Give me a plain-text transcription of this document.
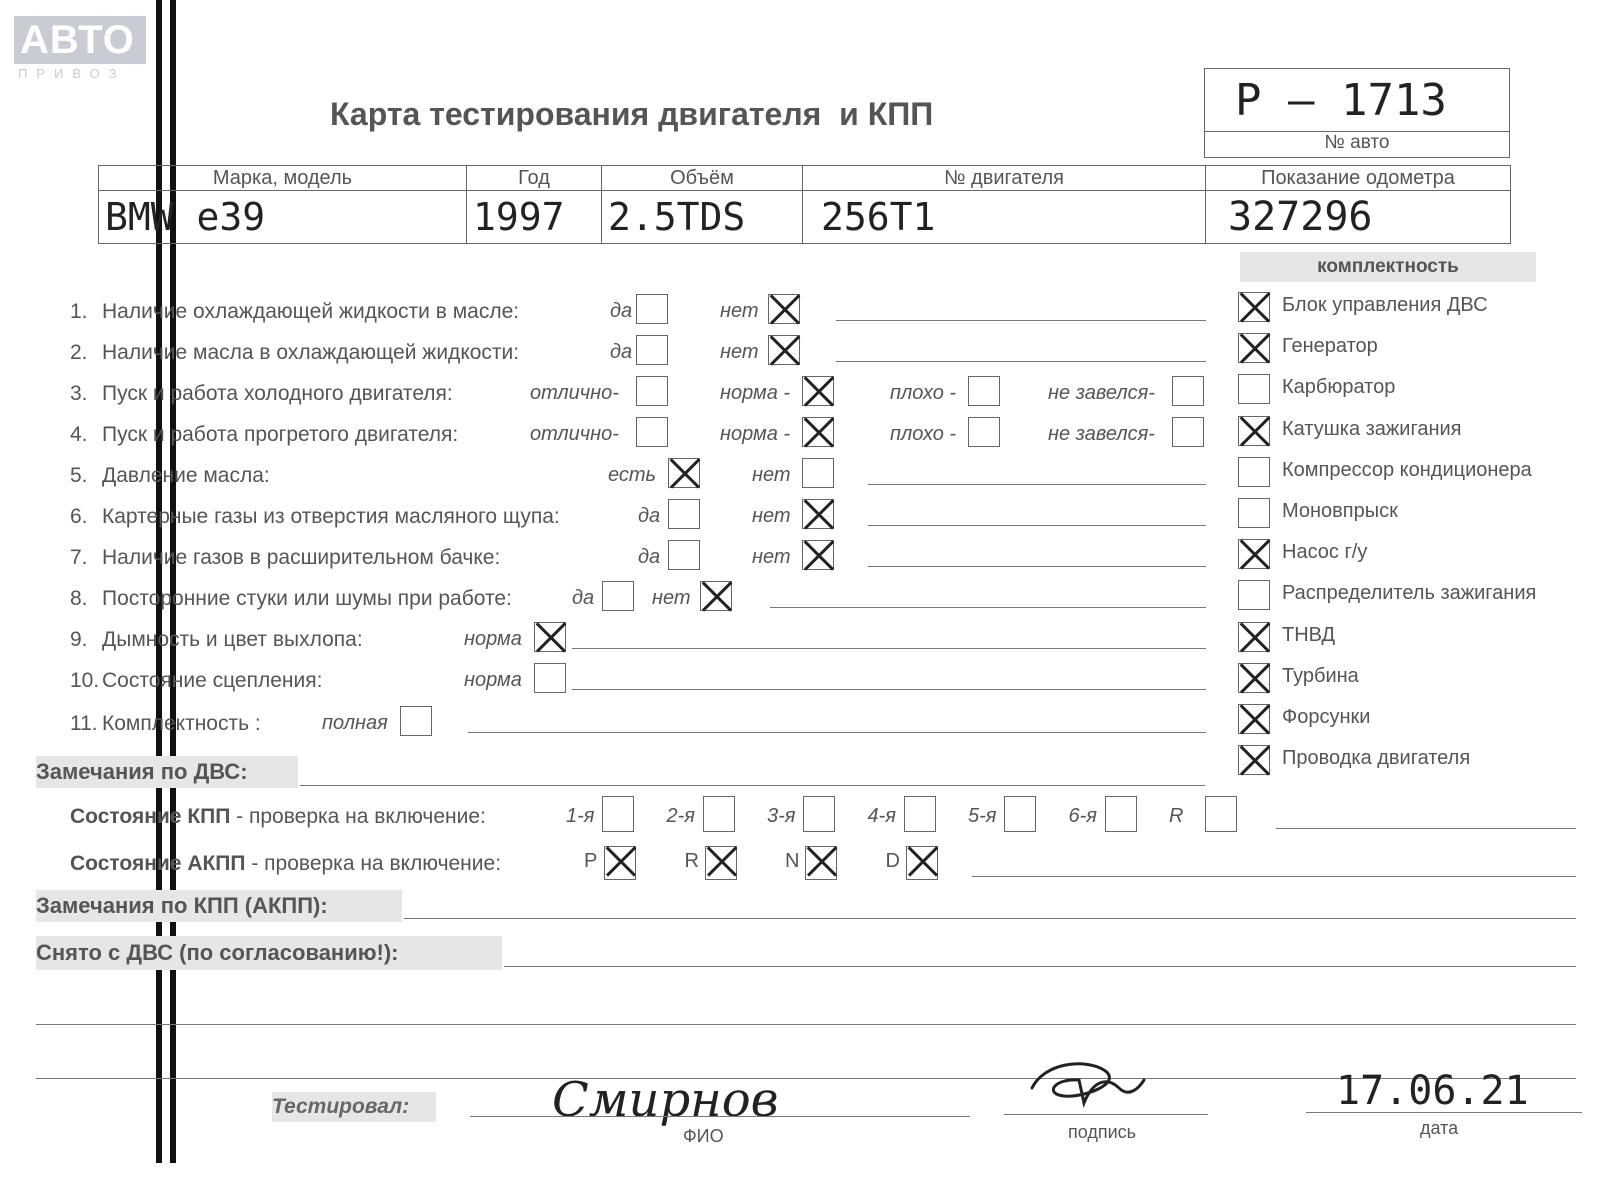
АВТО
ПРИВОЗ
Карта тестирования двигателя  и КПП	Р – 1713
№ авто
Марка, модель	Год	Объём	№ двигателя	Показание одометра
BMW e39	1997	2.5TDS	256T1	327296
комплектность
Блок управления ДВС
Генератор
Карбюратор
Катушка зажигания
Компрессор кондиционера
Моновпрыск
Насос г/у
Распределитель зажигания
ТНВД
Турбина
Форсунки
Проводка двигателя
1. Наличие охлаждающей жидкости в масле:	да	нет
2. Наличие масла в охлаждающей жидкости:	да	нет
3. Пуск и работа холодного двигателя:	отлично-	норма -	плохо -	не завелся-
4. Пуск и работа прогретого двигателя:	отлично-	норма -	плохо -	не завелся-
5. Давление масла:	есть	нет
6. Картерные газы из отверстия масляного щупа:	да	нет
7. Наличие газов в расширительном бачке:	да	нет
8. Посторонние стуки или шумы при работе:	да	нет
9. Дымность и цвет выхлопа:	норма
10. Состояние сцепления:	норма
11. Комплектность :	полная
Замечания по ДВС:
Состояние КПП - проверка на включение:	1-я	2-я	3-я	4-я	5-я	6-я	R
Состояние АКПП - проверка на включение:	P	R	N	D
Замечания по КПП (АКПП):
Снято с ДВС (по согласованию!):
Тестировал:	Смирнов
ФИО	подпись
17.06.21
дата
